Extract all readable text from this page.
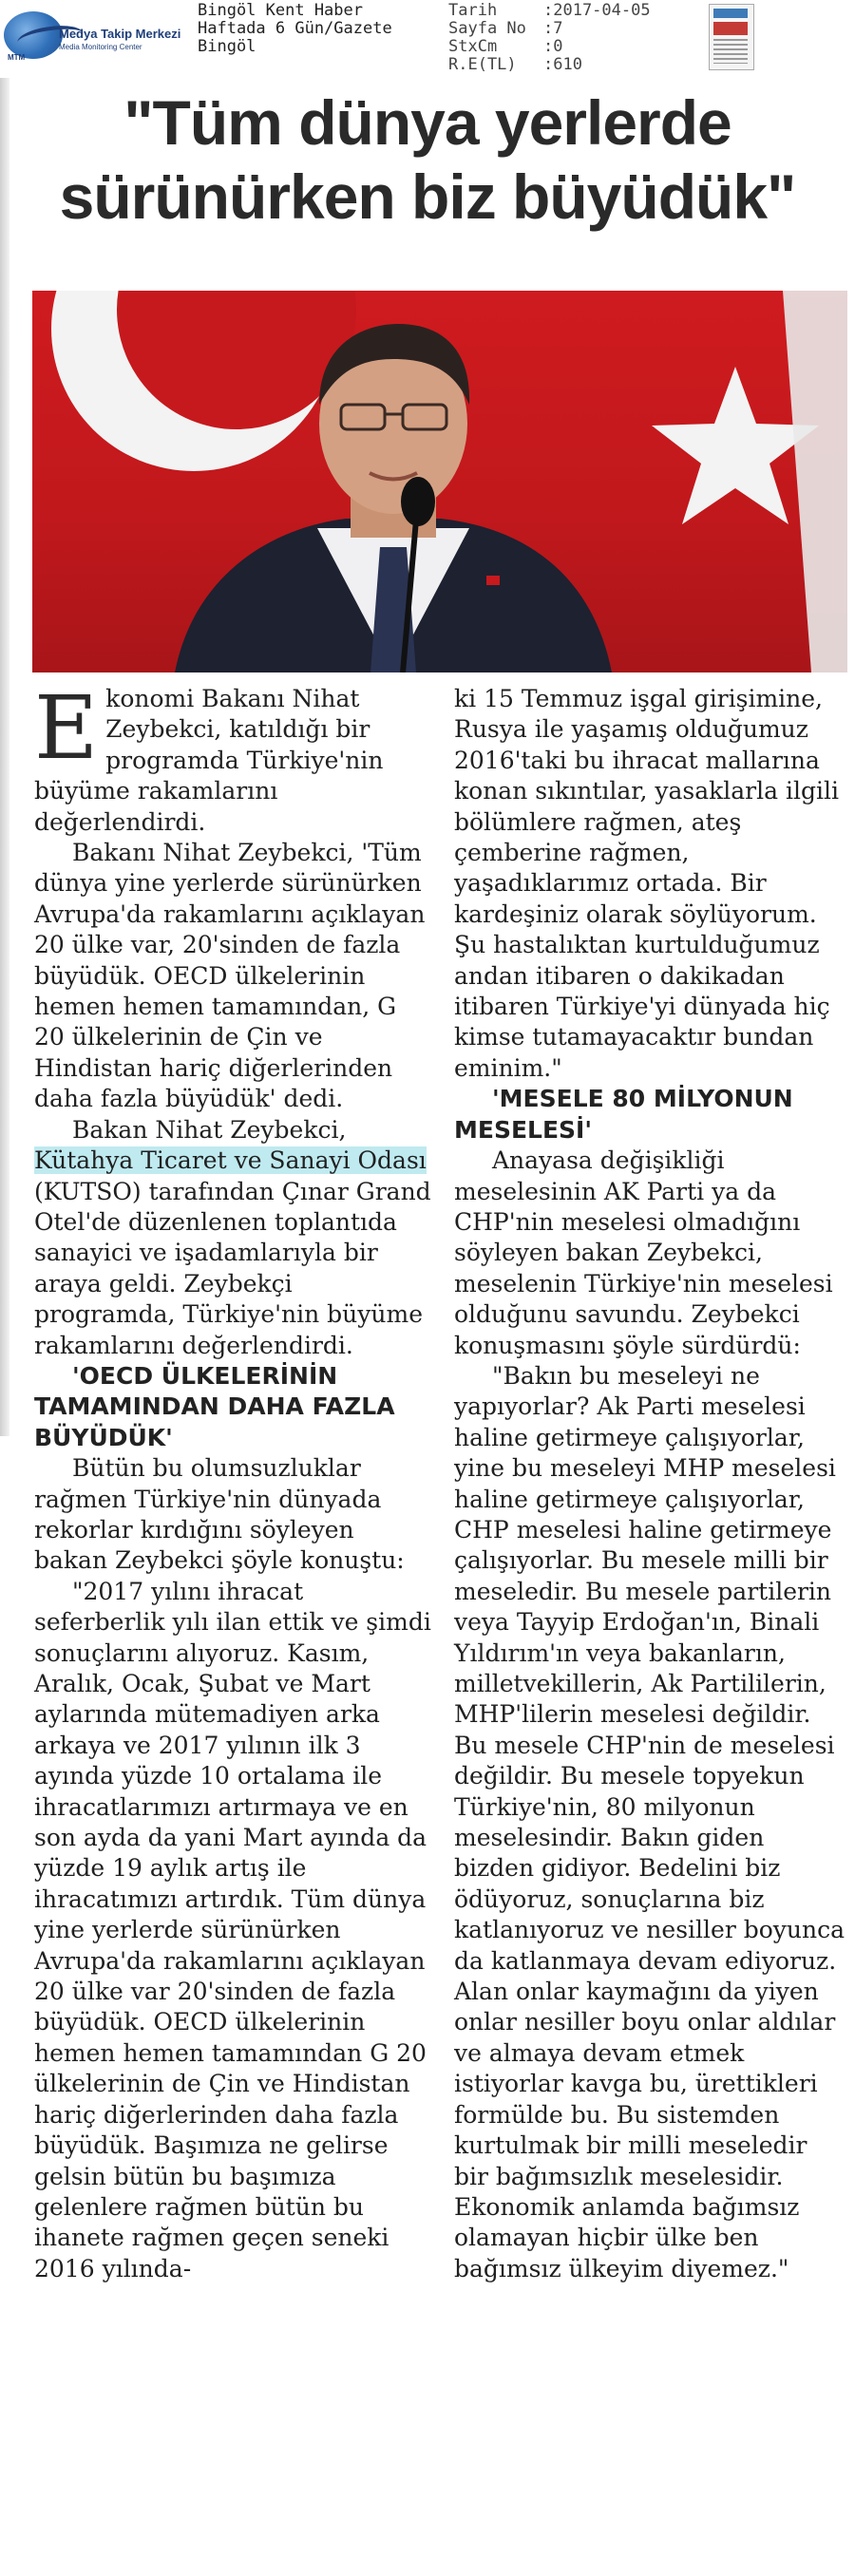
Medya Takip Merkezi
Media Monitoring Center
MTM
Bingöl Kent Haber
Haftada 6 Gün/Gazete
Bingöl
Tarih	:2017-04-05
Sayfa No	:7
StxCm	:0
R.E(TL)	:610
"Tüm dünya yerlerde
sürünürken biz büyüdük"
E konomi Bakanı Nihat Zeybekci, katıldığı bir programda Türkiye'nin büyüme rakamlarını değerlendirdi.

Bakanı Nihat Zeybekci, 'Tüm dünya yine yerlerde sürünürken Avrupa'da rakamlarını açıklayan 20 ülke var, 20'sinden de fazla büyüdük. OECD ülkelerinin hemen hemen tamamından, G 20 ülkelerinin de Çin ve Hindistan hariç diğerlerinden daha fazla büyüdük' dedi.

Bakan Nihat Zeybekci, Kütahya Ticaret ve Sanayi Odası (KUTSO) tarafından Çınar Grand Otel'de düzenlenen toplantıda sanayici ve işadamlarıyla bir araya geldi. Zeybekçi programda, Türkiye'nin büyüme rakamlarını değerlendirdi.

'OECD ÜLKELERİNİN TAMAMINDAN DAHA FAZLA BÜYÜDÜK'

Bütün bu olumsuzluklar rağmen Türkiye'nin dünyada rekorlar kırdığını söyleyen bakan Zeybekci şöyle konuştu:

"2017 yılını ihracat seferberlik yılı ilan ettik ve şimdi sonuçlarını alıyoruz. Kasım, Aralık, Ocak, Şubat ve Mart aylarında mütemadiyen arka arkaya ve 2017 yılının ilk 3 ayında yüzde 10 ortalama ile ihracatlarımızı artırmaya ve en son ayda da yani Mart ayında da yüzde 19 aylık artış ile ihracatımızı artırdık. Tüm dünya yine yerlerde sürünürken Avrupa'da rakamlarını açıklayan 20 ülke var 20'sinden de fazla büyüdük. OECD ülkelerinin hemen hemen tamamından G 20 ülkelerinin de Çin ve Hindistan hariç diğerlerinden daha fazla büyüdük. Başımıza ne gelirse gelsin bütün bu başımıza gelenlere rağmen bütün bu ihanete rağmen geçen seneki 2016 yılında-

ki 15 Temmuz işgal girişimine, Rusya ile yaşamış olduğumuz 2016'taki bu ihracat mallarına konan sıkıntılar, yasaklarla ilgili bölümlere rağmen, ateş çemberine rağmen, yaşadıklarımız ortada. Bir kardeşiniz olarak söylüyorum. Şu hastalıktan kurtulduğumuz andan itibaren o dakikadan itibaren Türkiye'yi dünyada hiç kimse tutamayacaktır bundan eminim."

'MESELE 80 MİLYONUN MESELESİ'

Anayasa değişikliği meselesinin AK Parti ya da CHP'nin meselesi olmadığını söyleyen bakan Zeybekci, meselenin Türkiye'nin meselesi olduğunu savundu. Zeybekci konuşmasını şöyle sürdürdü:

"Bakın bu meseleyi ne yapıyorlar? Ak Parti meselesi haline getirmeye çalışıyorlar, yine bu meseleyi MHP meselesi haline getirmeye çalışıyorlar, CHP meselesi haline getirmeye çalışıyorlar. Bu mesele milli bir meseledir. Bu mesele partilerin veya Tayyip Erdoğan'ın, Binali Yıldırım'ın veya bakanların, milletvekillerin, Ak Partililerin, MHP'lilerin meselesi değildir. Bu mesele CHP'nin de meselesi değildir. Bu mesele topyekun Türkiye'nin, 80 milyonun meselesindir. Bakın giden bizden gidiyor. Bedelini biz ödüyoruz, sonuçlarına biz katlanıyoruz ve nesiller boyunca da katlanmaya devam ediyoruz. Alan onlar kaymağını da yiyen onlar nesiller boyu onlar aldılar ve almaya devam etmek istiyorlar kavga bu, ürettikleri formülde bu. Bu sistemden kurtulmak bir milli meseledir bir bağımsızlık meselesidir. Ekonomik anlamda bağımsız olamayan hiçbir ülke ben bağımsız ülkeyim diyemez."
